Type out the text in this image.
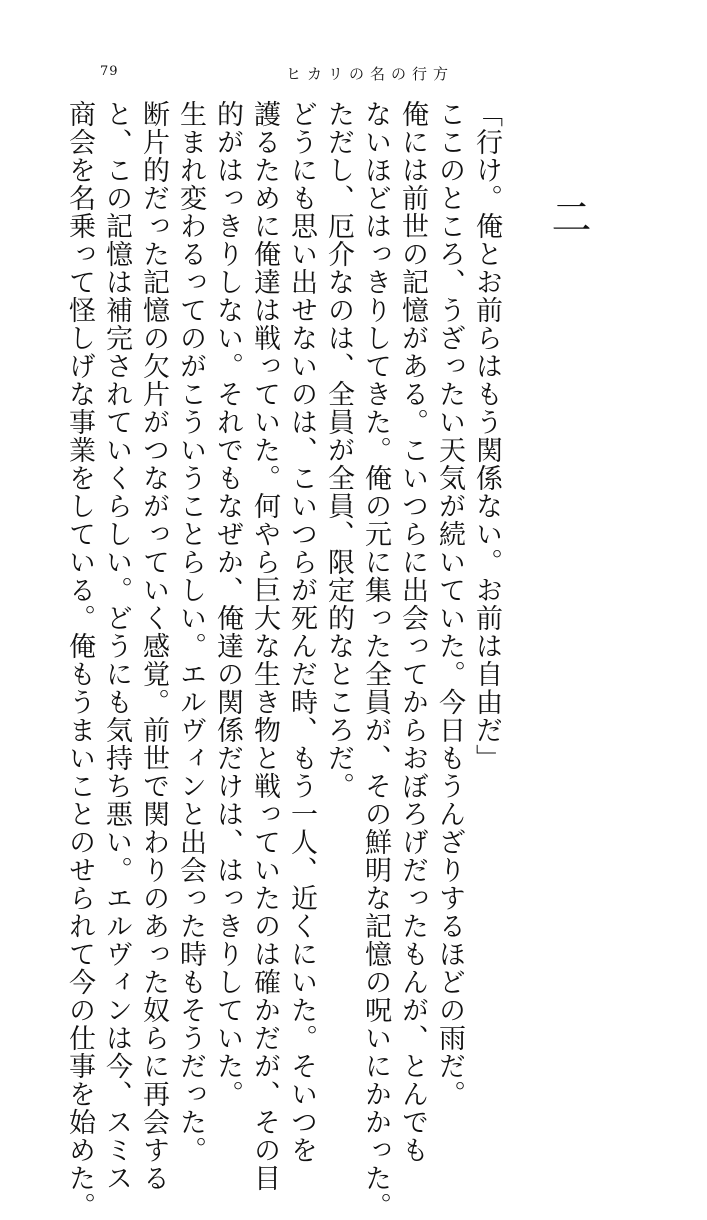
79	ヒカリの名の行方
二

「行け。俺とお前らはもう関係ない。お前は自由だ」

ここのところ、うざったい天気が続いていた。今日もうんざりするほどの雨だ。

俺には前世の記憶がある。こいつらに出会ってからおぼろげだったもんが、とんでも

ないほどはっきりしてきた。俺の元に集った全員が、その鮮明な記憶の呪いにかかった。

ただし、厄介なのは、全員が全員、限定的なところだ。

どうにも思い出せないのは、こいつらが死んだ時、もう一人、近くにいた。そいつを

護るために俺達は戦っていた。何やら巨大な生き物と戦っていたのは確かだが、その目

的がはっきりしない。それでもなぜか、俺達の関係だけは、はっきりしていた。

生まれ変わるってのがこういうことらしい。エルヴィンと出会った時もそうだった。

断片的だった記憶の欠片がつながっていく感覚。前世で関わりのあった奴らに再会する

と、この記憶は補完されていくらしい。どうにも気持ち悪い。エルヴィンは今、スミス

商会を名乗って怪しげな事業をしている。俺もうまいことのせられて今の仕事を始めた。
